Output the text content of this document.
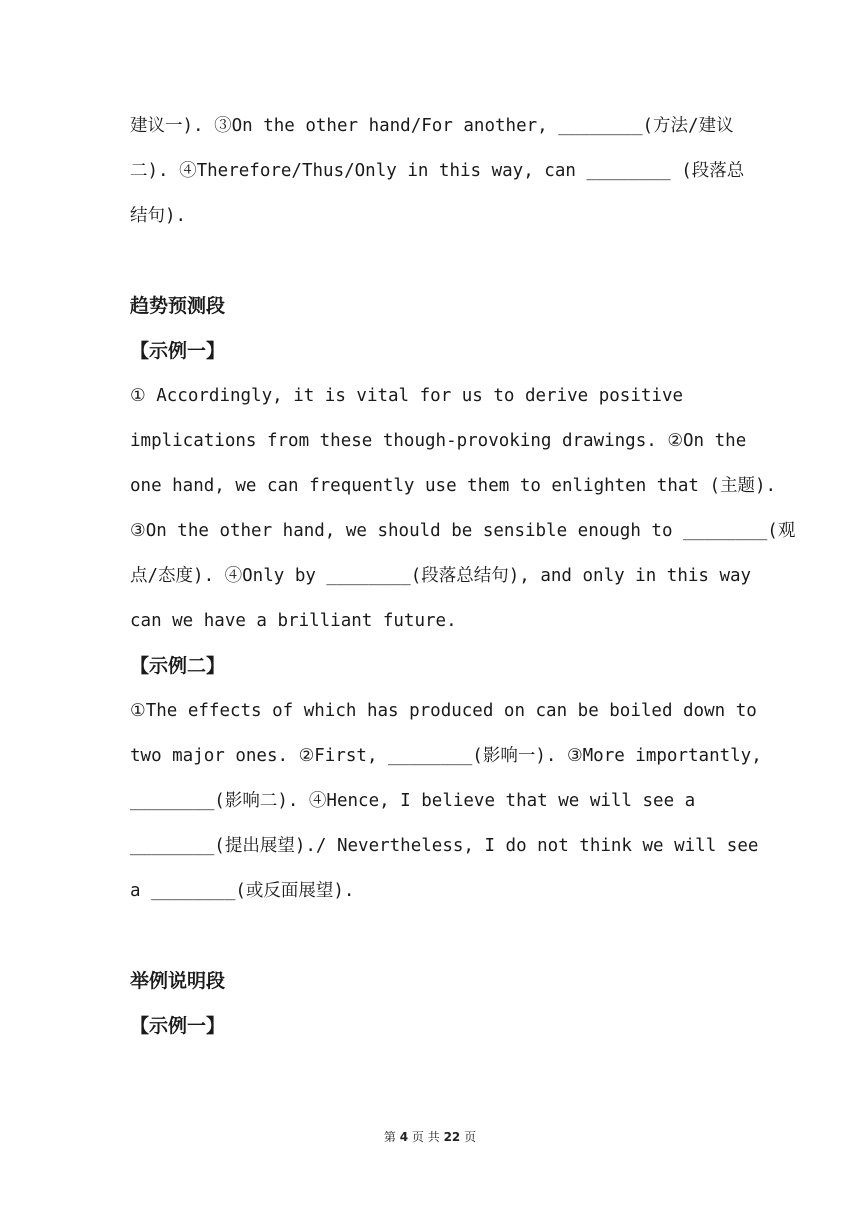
建议一). ③On the other hand/For another, ________(方法/建议
二). ④Therefore/Thus/Only in this way, can ________ (段落总
结句).
趋势预测段
【示例一】
① Accordingly, it is vital for us to derive positive
implications from these though-provoking drawings. ②On the
one hand, we can frequently use them to enlighten that (主题).
③On the other hand, we should be sensible enough to ________(观
点/态度). ④Only by ________(段落总结句), and only in this way
can we have a brilliant future.
【示例二】
①The effects of which has produced on can be boiled down to
two major ones. ②First, ________(影响一). ③More importantly,
________(影响二). ④Hence, I believe that we will see a
________(提出展望)./ Nevertheless, I do not think we will see
a ________(或反面展望).
举例说明段
【示例一】
第 4 页 共 22 页
